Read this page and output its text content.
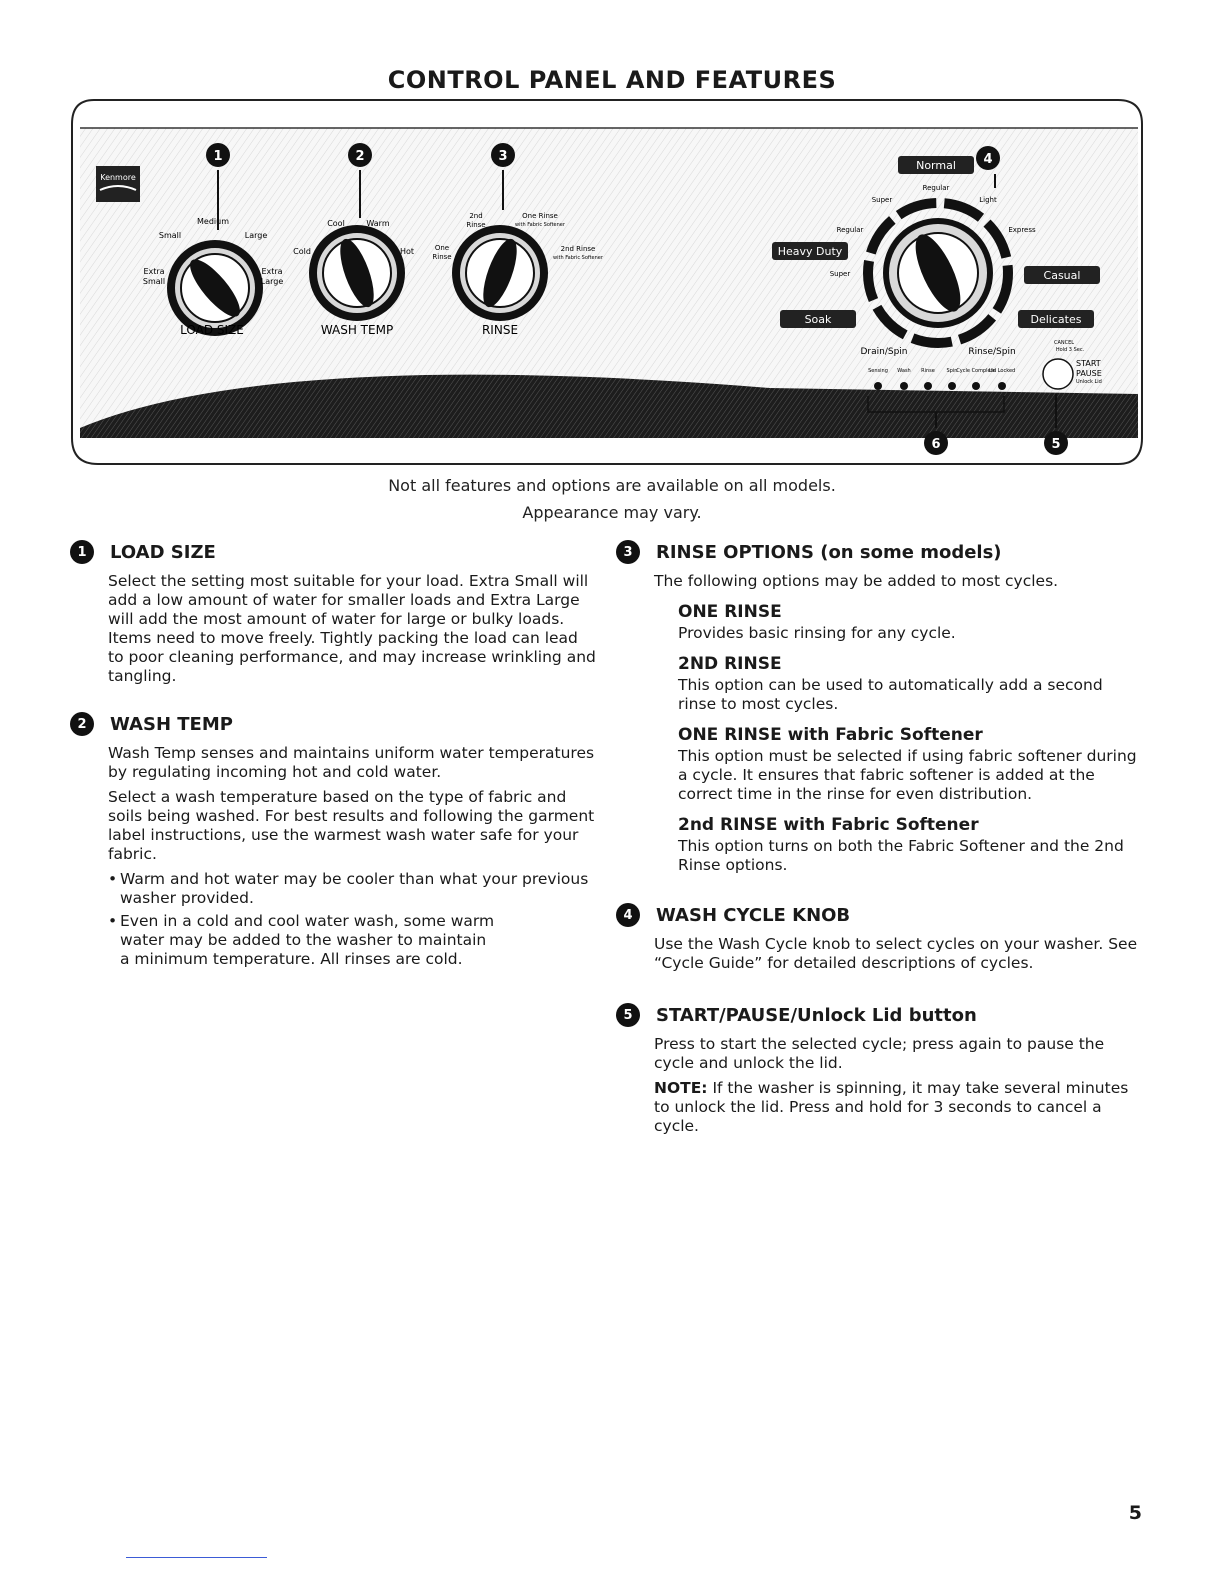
CONTROL PANEL AND FEATURES
Kenmore
Medium
Small	Large
Extra
Small
Extra
Large
LOAD SIZE
1
Cool	Warm
Cold	Hot
WASH TEMP
2
2nd
Rinse
One Rinse
with Fabric Softener
One
Rinse
2nd Rinse
with Fabric Softener
RINSE
3
Regular
Super	Light
Regular	Express
Super
Drain/Spin	Rinse/Spin
Normal
Heavy Duty
Casual
Soak	Delicates
4
Sensing Wash Rinse Spin
Cycle Complete
Lid Locked
6
CANCEL
Hold 3 Sec.
START
PAUSE
Unlock Lid
5
Not all features and options are available on all models.
Appearance may vary.
1	LOAD SIZE

Select the setting most suitable for your load. Extra Small will add a low amount of water for smaller loads and Extra Large will add the most amount of water for large or bulky loads. Items need to move freely. Tightly packing the load can lead to poor cleaning performance, and may increase wrinkling and tangling.

2	WASH TEMP

Wash Temp senses and maintains uniform water temperatures by regulating incoming hot and cold water.

Select a wash temperature based on the type of fabric and soils being washed. For best results and following the garment label instructions, use the warmest wash water safe for your fabric.

• Warm and hot water may be cooler than what your previous washer provided.
• Even in a cold and cool water wash, some warm water may be added to the washer to maintain a minimum temperature. All rinses are cold.
3	RINSE OPTIONS (on some models)

The following options may be added to most cycles.

ONE RINSE
Provides basic rinsing for any cycle.
2ND RINSE
This option can be used to automatically add a second rinse to most cycles.
ONE RINSE with Fabric Softener
This option must be selected if using fabric softener during a cycle. It ensures that fabric softener is added at the correct time in the rinse for even distribution.
2nd RINSE with Fabric Softener
This option turns on both the Fabric Softener and the 2nd Rinse options.
4	WASH CYCLE KNOB

Use the Wash Cycle knob to select cycles on your washer. See “Cycle Guide” for detailed descriptions of cycles.

5	START/PAUSE/Unlock Lid button

Press to start the selected cycle; press again to pause the cycle and unlock the lid.

NOTE: If the washer is spinning, it may take several minutes to unlock the lid. Press and hold for 3 seconds to cancel a cycle.

5
